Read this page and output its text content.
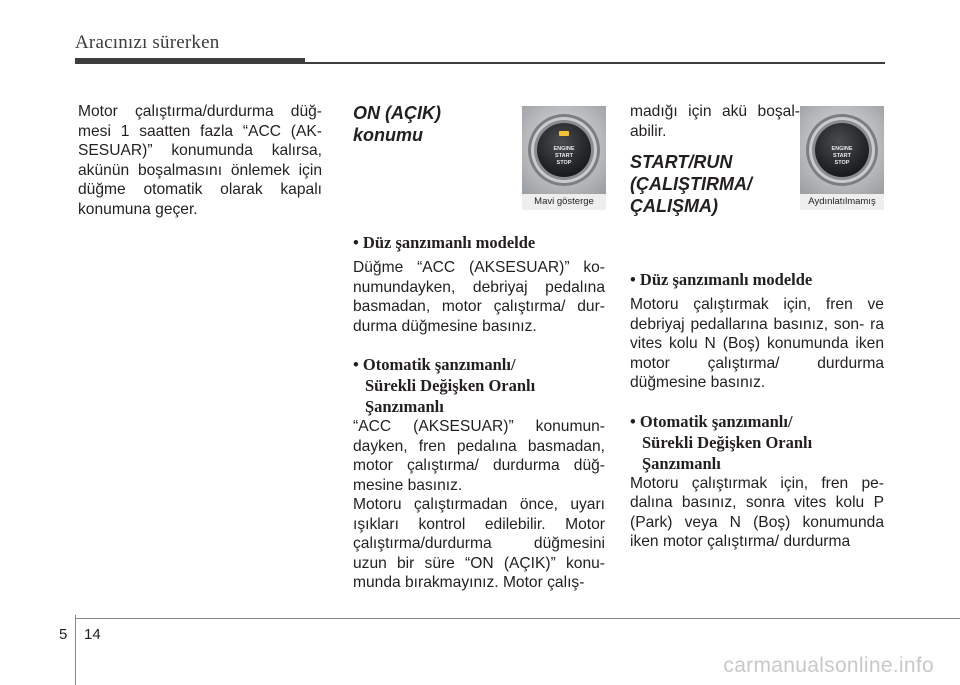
Aracınızı sürerken

Motor çalıştırma/durdurma düğ- mesi 1 saatten fazla “ACC (AK- SESUAR)” konumunda kalırsa, akünün boşalmasını önlemek için düğme otomatik olarak kapalı konumuna geçer.

ON (AÇIK)
konumu

• Düz şanzımanlı modelde

Düğme “ACC (AKSESUAR)” ko- numundayken, debriyaj pedalına basmadan, motor çalıştırma/ dur- durma düğmesine basınız.

• Otomatik şanzımanlı/
Sürekli Değişken Oranlı
Şanzımanlı

“ACC (AKSESUAR)” konumun- dayken, fren pedalına basmadan, motor çalıştırma/ durdurma düğ- mesine basınız.

Motoru çalıştırmadan önce, uyarı ışıkları kontrol edilebilir. Motor çalıştırma/durdurma düğmesini uzun bir süre “ON (AÇIK)” konu- munda bırakmayınız. Motor çalış-

madığı için akü boşal- abilir.

START/RUN
(ÇALIŞTIRMA/
ÇALIŞMA)

• Düz şanzımanlı modelde

Motoru çalıştırmak için, fren ve debriyaj pedallarına basınız, son- ra vites kolu N (Boş) konumunda iken motor çalıştırma/ durdurma düğmesine basınız.

• Otomatik şanzımanlı/
Sürekli Değişken Oranlı
Şanzımanlı

Motoru çalıştırmak için, fren pe- dalına basınız, sonra vites kolu P (Park) veya N (Boş) konumunda iken motor çalıştırma/ durdurma

ENGINE
START
STOP
Mavi gösterge
ENGINE
START
STOP
Aydınlatılmamış
5 14
carmanualsonline.info
